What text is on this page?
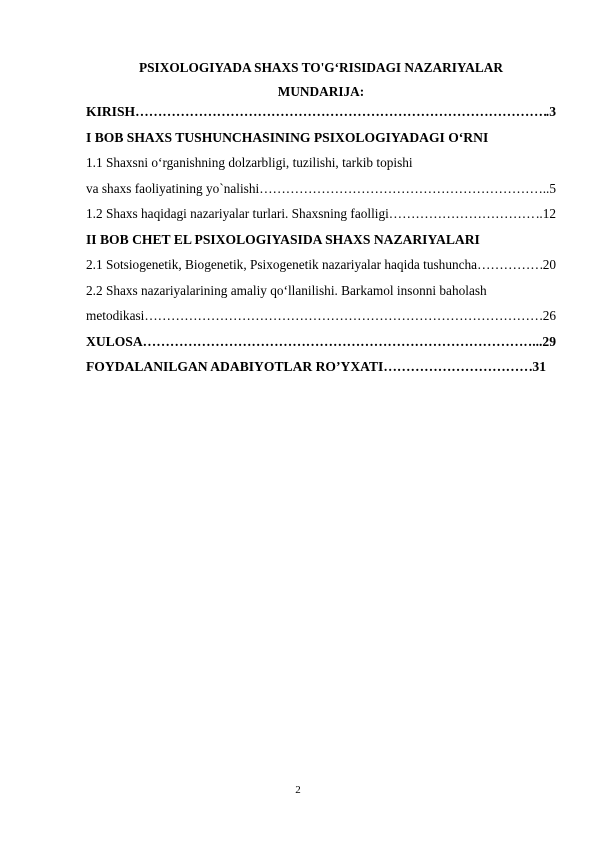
PSIXOLOGIYADA SHAXS TO'G‘RISIDAGI NAZARIYALAR
MUNDARIJA:
KIRISH ………………………………………………………………………………………………………………………………………………………………	.3
I BOB SHAXS TUSHUNCHASINING PSIXOLOGIYADAGI O‘RNI
1.1 Shaxsni o‘rganishning dolzarbligi, tuzilishi, tarkib topishi
va shaxs faoliyatining yo`nalishi ………………………………………………………………………………………………………………………………………………………………	..5
1.2 Shaxs haqidagi nazariyalar turlari. Shaxsning faolligi ………………………………………………………………………………………………………………………………………………………………	..12
II BOB CHET EL PSIXOLOGIYASIDA SHAXS NAZARIYALARI
2.1 Sotsiogenetik, Biogenetik, Psixogenetik nazariyalar haqida tushuncha ………………………………………………………………………………………………………………………………………………………………	20
2.2 Shaxs nazariyalarining amaliy qo‘llanilishi. Barkamol insonni baholash
metodikasi ………………………………………………………………………………………………………………………………………………………………	26
XULOSA ………………………………………………………………………………………………………………………………………………………………	...29
FOYDALANILGAN ADABIYOTLAR RO’YXATI ………………………………………………………………………………………………………………………………………………………………	.31
2
